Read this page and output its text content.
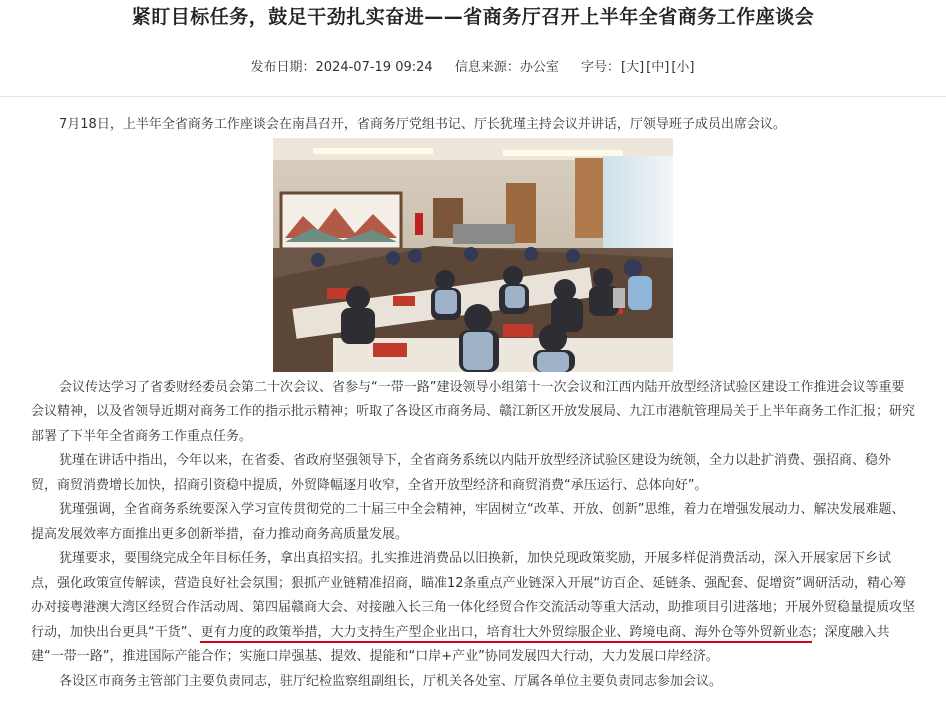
紧盯目标任务，鼓足干劲扎实奋进——省商务厅召开上半年全省商务工作座谈会
发布日期：2024-07-19 09:24 信息来源：办公室 字号：[大] [中] [小]

7月18日，上半年全省商务工作座谈会在南昌召开，省商务厅党组书记、厅长犹瑾主持会议并讲话，厅领导班子成员出席会议。

会议传达学习了省委财经委员会第二十次会议、省参与“一带一路”建设领导小组第十一次会议和江西内陆开放型经济试验区建设工作推进会议等重要会议精神，以及省领导近期对商务工作的指示批示精神；听取了各设区市商务局、赣江新区开放发展局、九江市港航管理局关于上半年商务工作汇报；研究部署了下半年全省商务工作重点任务。

犹瑾在讲话中指出，今年以来，在省委、省政府坚强领导下，全省商务系统以内陆开放型经济试验区建设为统领，全力以赴扩消费、强招商、稳外贸，商贸消费增长加快，招商引资稳中提质，外贸降幅逐月收窄，全省开放型经济和商贸消费“承压运行、总体向好”。

犹瑾强调，全省商务系统要深入学习宣传贯彻党的二十届三中全会精神，牢固树立“改革、开放、创新”思维，着力在增强发展动力、解决发展难题、提高发展效率方面推出更多创新举措，奋力推动商务高质量发展。

犹瑾要求，要围绕完成全年目标任务，拿出真招实招。扎实推进消费品以旧换新，加快兑现政策奖励，开展多样促消费活动，深入开展家居下乡试点，强化政策宣传解读，营造良好社会氛围；狠抓产业链精准招商，瞄准12条重点产业链深入开展“访百企、延链条、强配套、促增资”调研活动，精心筹办对接粤港澳大湾区经贸合作活动周、第四届赣商大会、对接融入长三角一体化经贸合作交流活动等重大活动，助推项目引进落地；开展外贸稳量提质攻坚行动，加快出台更具“干货”、更有力度的政策举措，大力支持生产型企业出口，培育壮大外贸综服企业、跨境电商、海外仓等外贸新业态；深度融入共建“一带一路”，推进国际产能合作；实施口岸强基、提效、提能和“口岸+产业”协同发展四大行动，大力发展口岸经济。

各设区市商务主管部门主要负责同志，驻厅纪检监察组副组长，厅机关各处室、厅属各单位主要负责同志参加会议。
